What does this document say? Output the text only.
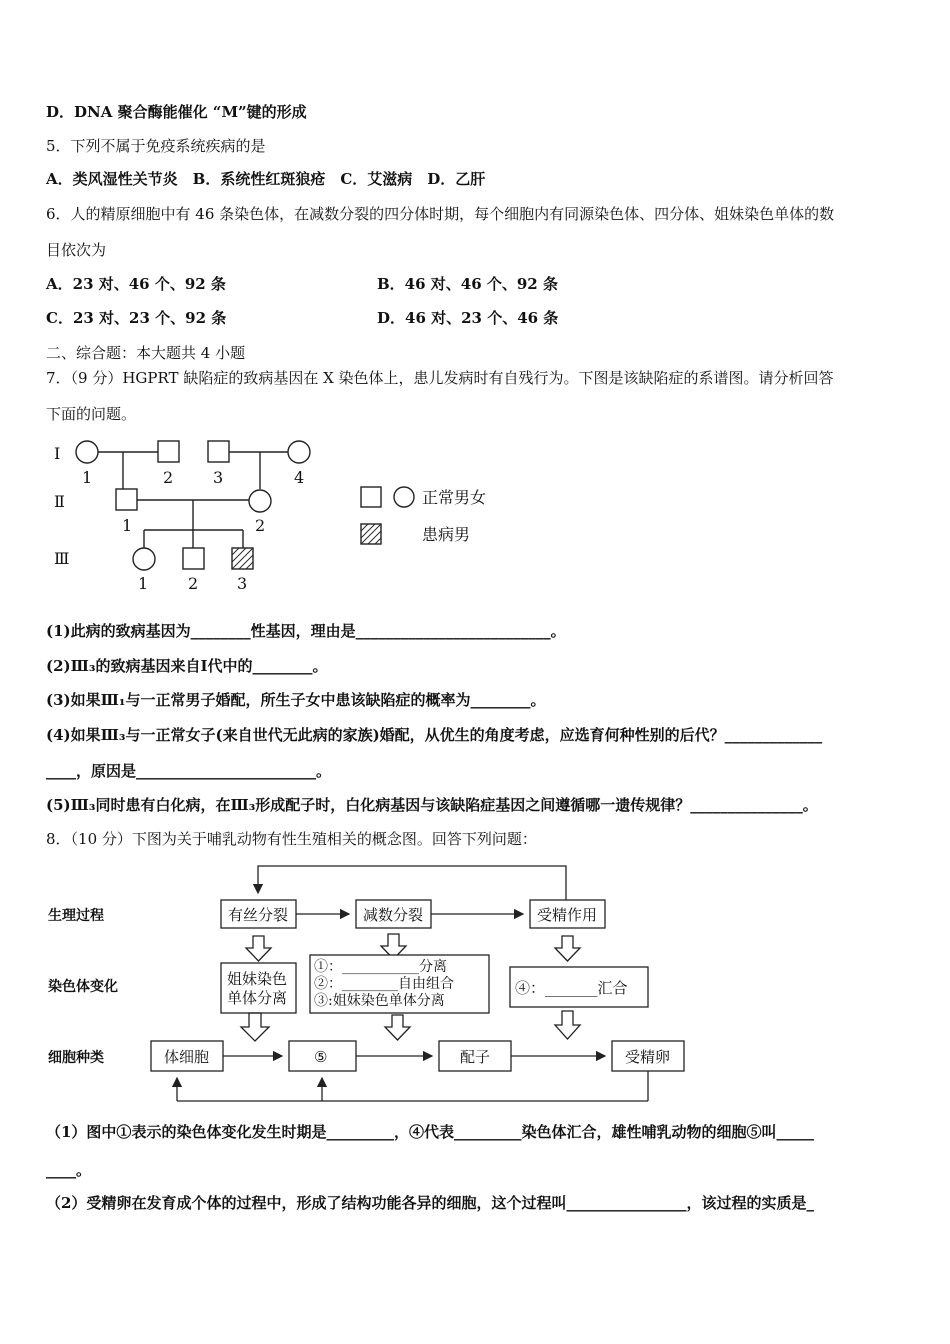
D．DNA 聚合酶能催化 “M”键的形成
5．下列不属于免疫系统疾病的是
A．类风湿性关节炎　B．系统性红斑狼疮　C．艾滋病　D．乙肝
6．人的精原细胞中有 46 条染色体，在减数分裂的四分体时期，每个细胞内有同源染色体、四分体、姐妹染色单体的数
目依次为
A．23 对、46 个、92 条	B．46 对、46 个、92 条
C．23 对、23 个、92 条	D．46 对、23 个、46 条
二、综合题：本大题共 4 小题
7．（9 分）HGPRT 缺陷症的致病基因在 X 染色体上，患儿发病时有自残行为。下图是该缺陷症的系谱图。请分析回答
下面的问题。
Ⅰ
Ⅱ
Ⅲ
1	2 3	4
1	2
1 2 3
正常男女
患病男
(1)此病的致病基因为________性基因，理由是__________________________。
(2)Ⅲ₃的致病基因来自Ⅰ代中的________。
(3)如果Ⅲ₁与一正常男子婚配，所生子女中患该缺陷症的概率为________。
(4)如果Ⅲ₃与一正常女子(来自世代无此病的家族)婚配，从优生的角度考虑，应选育何种性别的后代？_____________
____，原因是________________________。
(5)Ⅲ₃同时患有白化病，在Ⅲ₃形成配子时，白化病基因与该缺陷症基因之间遵循哪一遗传规律？_______________。
8．（10 分）下图为关于哺乳动物有性生殖相关的概念图。回答下列问题：
生理过程
染色体变化
细胞种类
有丝分裂	减数分裂	受精作用
姐妹染色
单体分离
①：___________分离
②：________自由组合
③:姐妹染色单体分离
④：_______汇合
体细胞	⑤	配子	受精卵
（1）图中①表示的染色体变化发生时期是_________，④代表_________染色体汇合，雄性哺乳动物的细胞⑤叫_____
____。
（2）受精卵在发育成个体的过程中，形成了结构功能各异的细胞，这个过程叫________________，该过程的实质是_
